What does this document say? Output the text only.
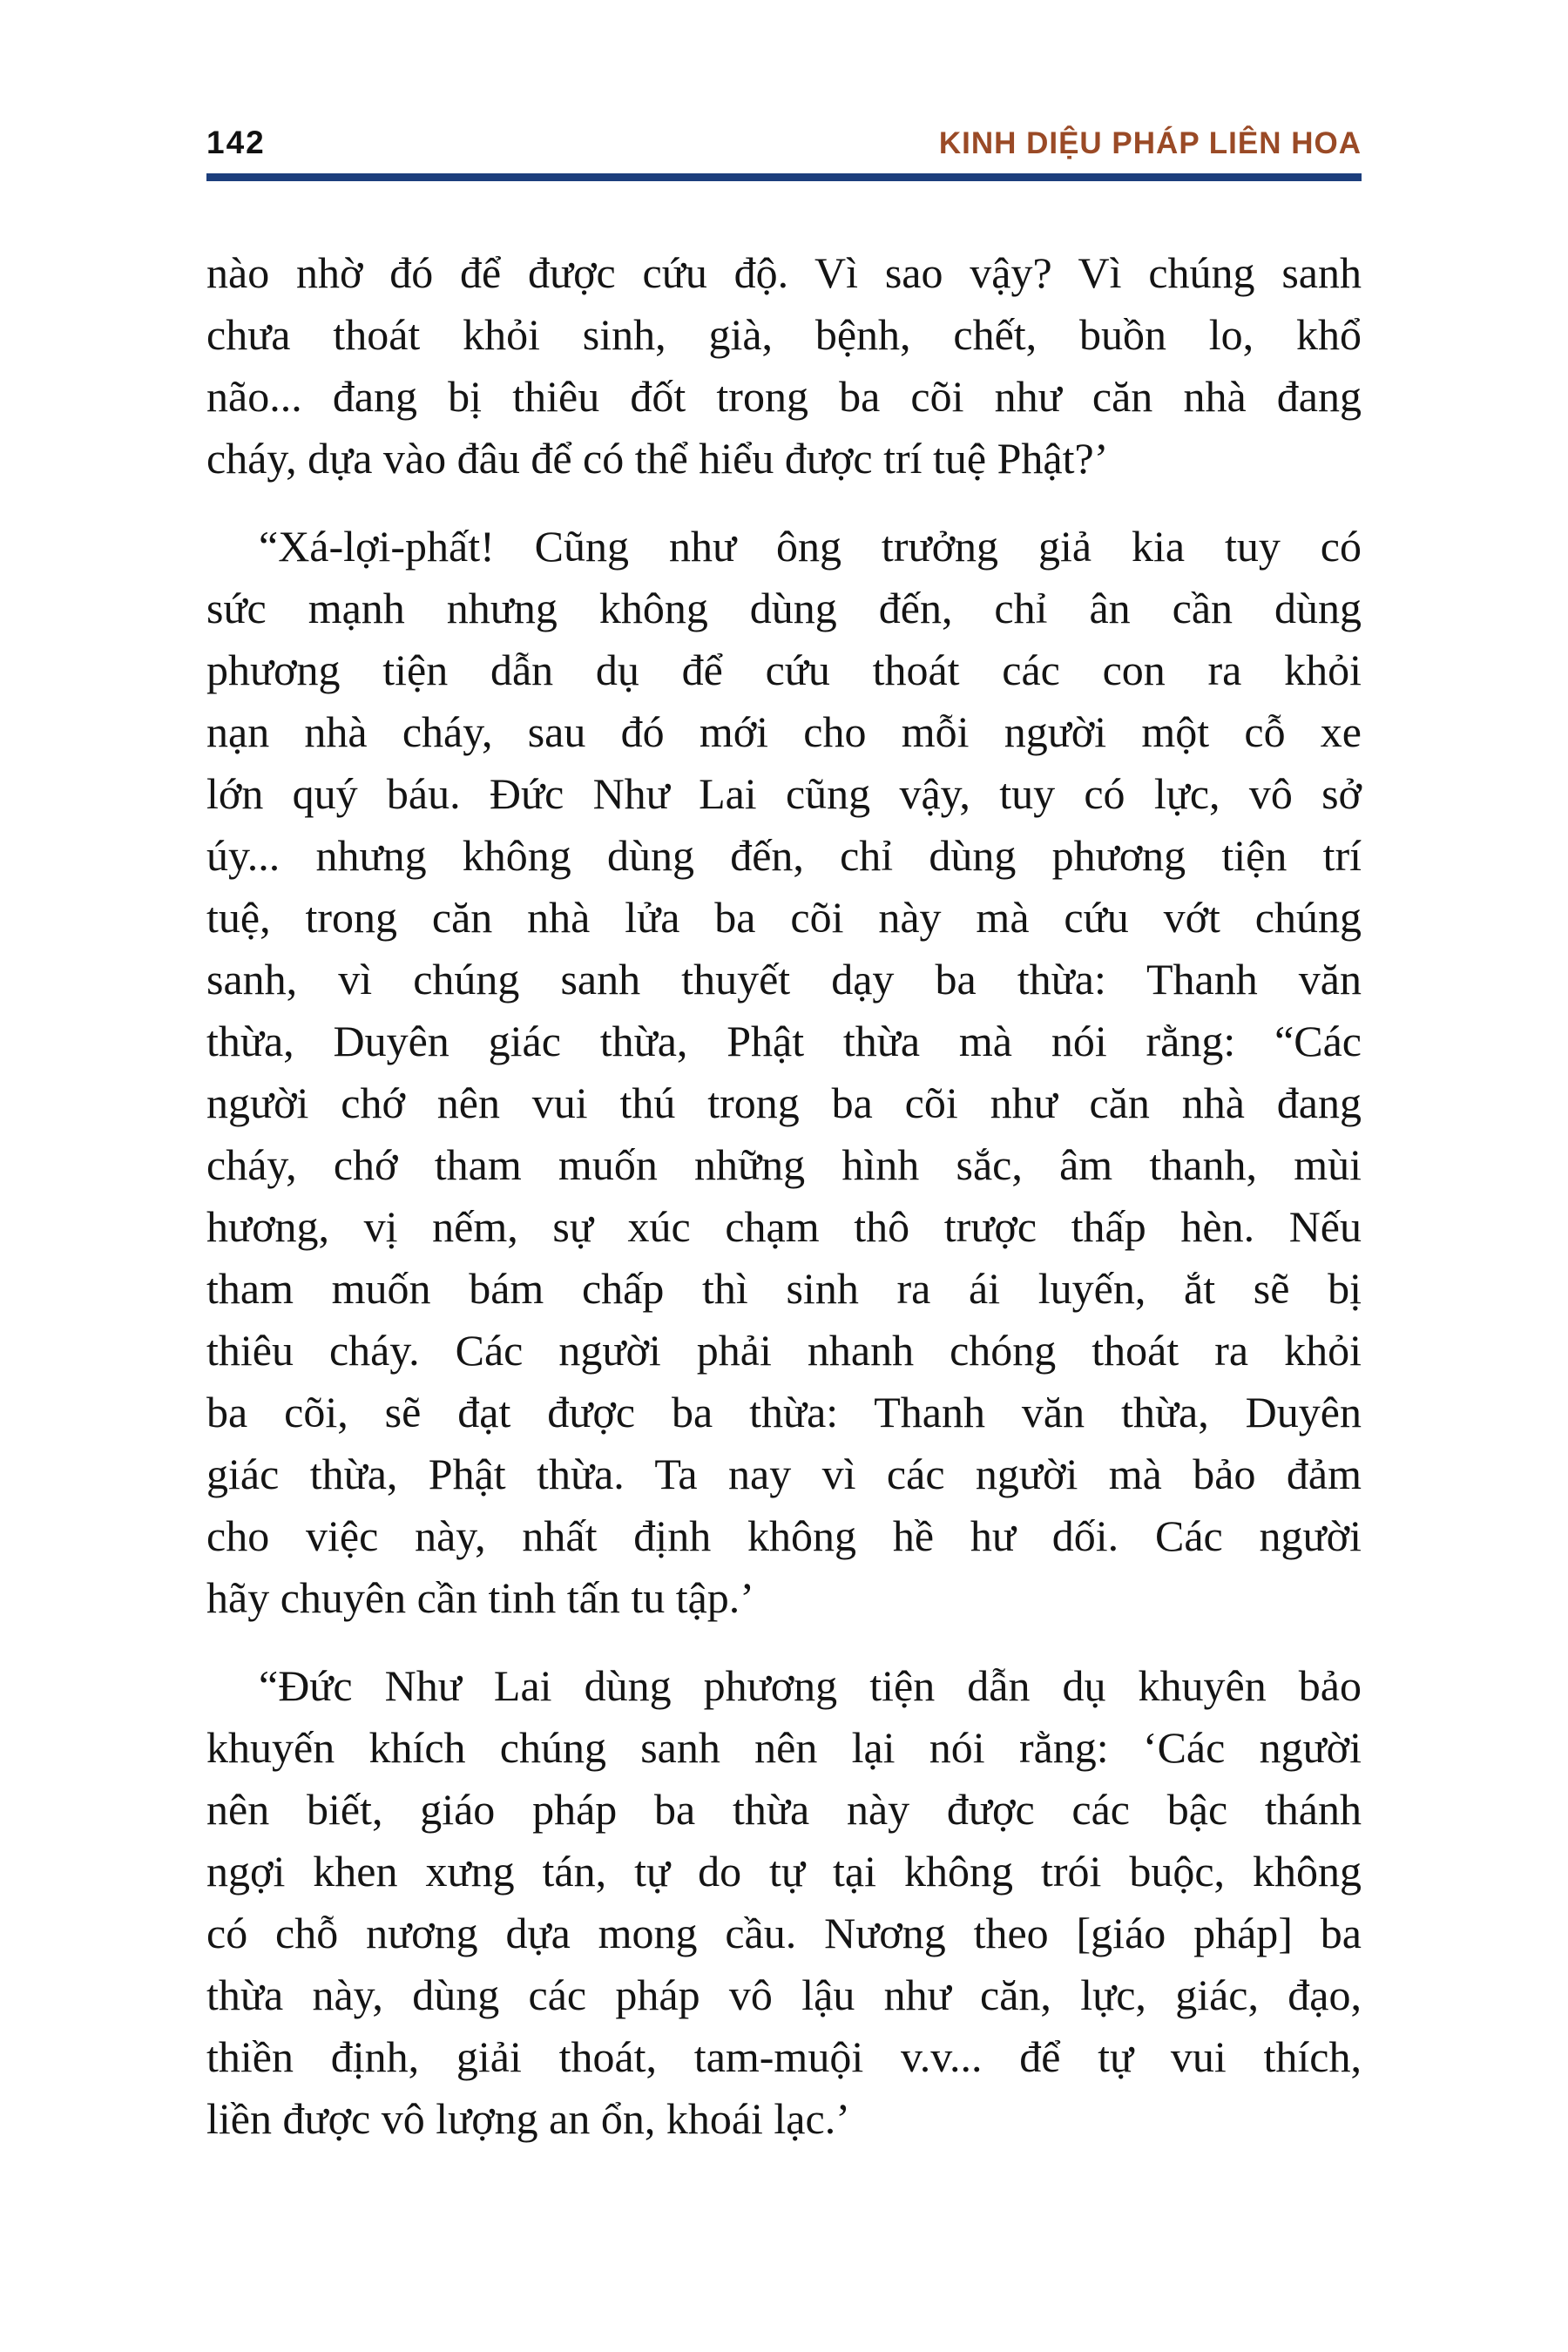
142	KINH DIỆU PHÁP LIÊN HOA
nào nhờ đó để được cứu độ. Vì sao vậy? Vì chúng sanh
chưa thoát khỏi sinh, già, bệnh, chết, buồn lo, khổ
não... đang bị thiêu đốt trong ba cõi như căn nhà đang
cháy, dựa vào đâu để có thể hiểu được trí tuệ Phật?’
“Xá-lợi-phất! Cũng như ông trưởng giả kia tuy có
sức mạnh nhưng không dùng đến, chỉ ân cần dùng
phương tiện dẫn dụ để cứu thoát các con ra khỏi
nạn nhà cháy, sau đó mới cho mỗi người một cỗ xe
lớn quý báu. Đức Như Lai cũng vậy, tuy có lực, vô sở
úy... nhưng không dùng đến, chỉ dùng phương tiện trí
tuệ, trong căn nhà lửa ba cõi này mà cứu vớt chúng
sanh, vì chúng sanh thuyết dạy ba thừa: Thanh văn
thừa, Duyên giác thừa, Phật thừa mà nói rằng: “Các
người chớ nên vui thú trong ba cõi như căn nhà đang
cháy, chớ tham muốn những hình sắc, âm thanh, mùi
hương, vị nếm, sự xúc chạm thô trược thấp hèn. Nếu
tham muốn bám chấp thì sinh ra ái luyến, ắt sẽ bị
thiêu cháy. Các người phải nhanh chóng thoát ra khỏi
ba cõi, sẽ đạt được ba thừa: Thanh văn thừa, Duyên
giác thừa, Phật thừa. Ta nay vì các người mà bảo đảm
cho việc này, nhất định không hề hư dối. Các người
hãy chuyên cần tinh tấn tu tập.’
“Đức Như Lai dùng phương tiện dẫn dụ khuyên bảo
khuyến khích chúng sanh nên lại nói rằng: ‘Các người
nên biết, giáo pháp ba thừa này được các bậc thánh
ngợi khen xưng tán, tự do tự tại không trói buộc, không
có chỗ nương dựa mong cầu. Nương theo [giáo pháp] ba
thừa này, dùng các pháp vô lậu như căn, lực, giác, đạo,
thiền định, giải thoát, tam-muội v.v... để tự vui thích,
liền được vô lượng an ổn, khoái lạc.’
